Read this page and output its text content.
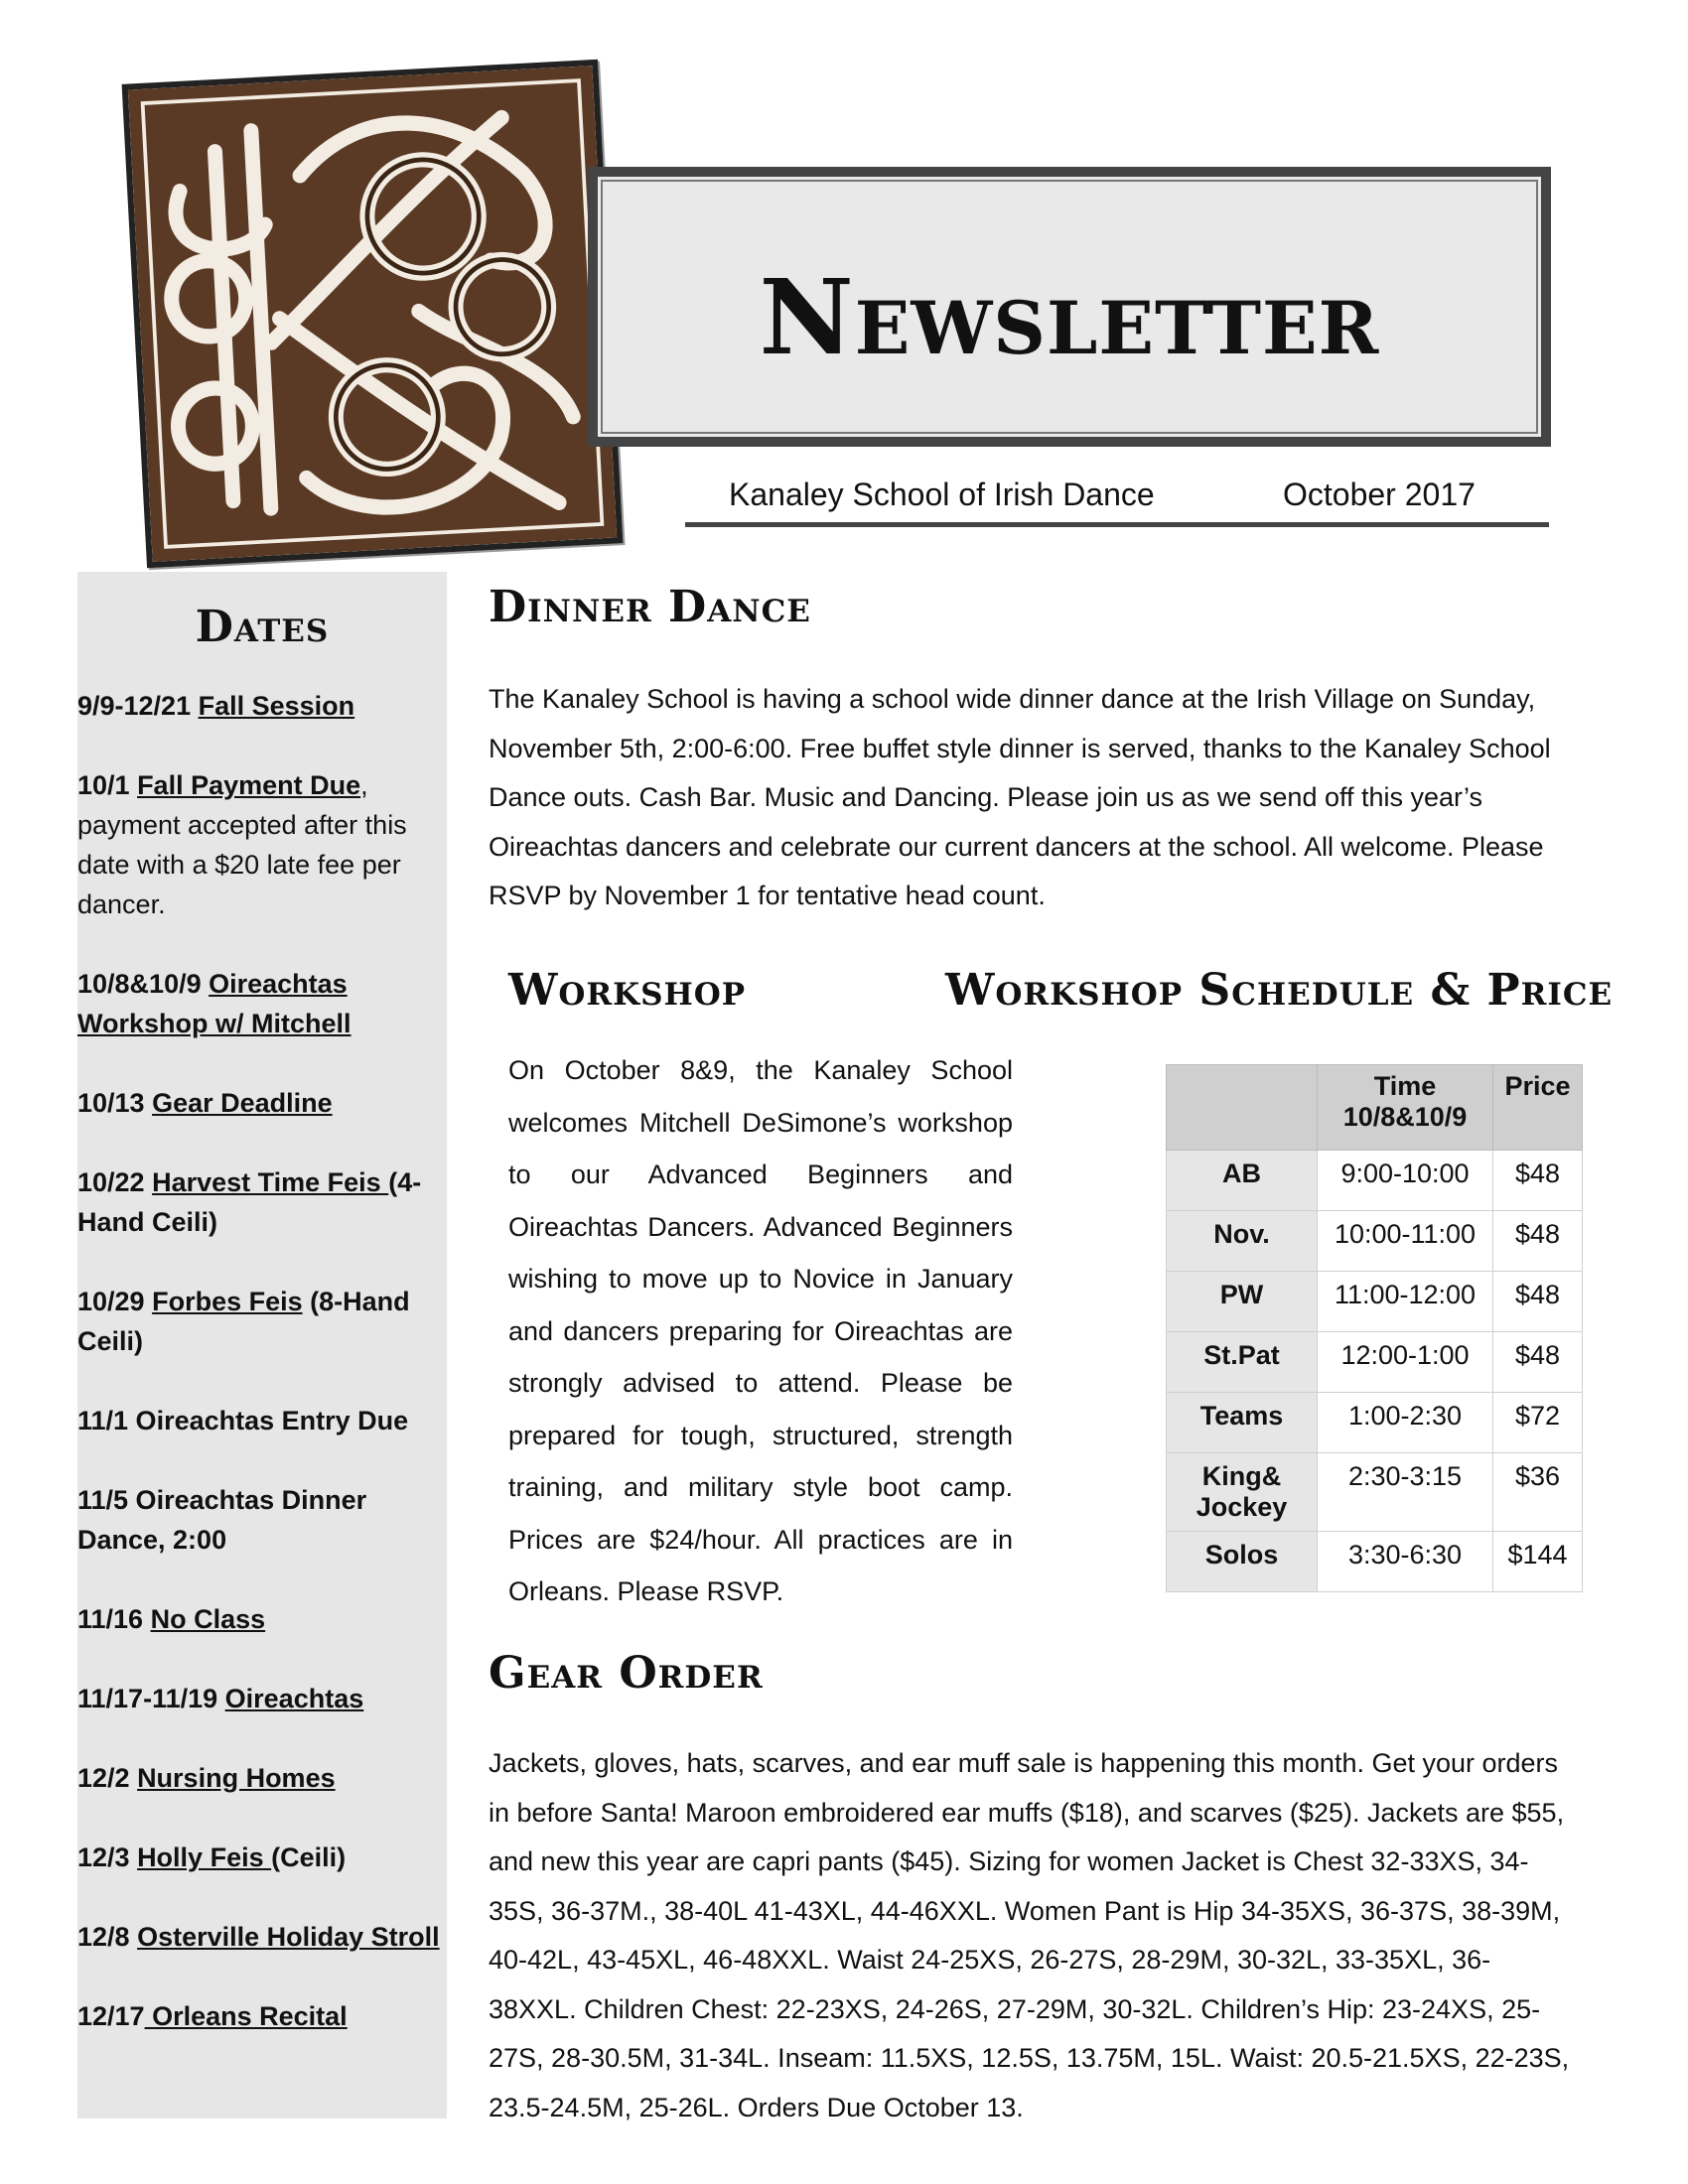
Newsletter
Kanaley School of Irish Dance	October 2017
Dates
9/9-12/21 Fall Session
10/1 Fall Payment Due, payment accepted after this date with a $20 late fee per dancer.
10/8&10/9 Oireachtas Workshop w/ Mitchell
10/13 Gear Deadline
10/22 Harvest Time Feis (4-Hand Ceili)
10/29 Forbes Feis (8-Hand Ceili)
11/1 Oireachtas Entry Due
11/5 Oireachtas Dinner Dance, 2:00
11/16 No Class
11/17-11/19 Oireachtas
12/2 Nursing Homes
12/3 Holly Feis (Ceili)
12/8 Osterville Holiday Stroll
12/17 Orleans Recital
Dinner Dance

The Kanaley School is having a school wide dinner dance at the Irish Village on Sunday, November 5th, 2:00-6:00. Free buffet style dinner is served, thanks to the Kanaley School Dance outs. Cash Bar. Music and Dancing. Please join us as we send off this year’s Oireachtas dancers and celebrate our current dancers at the school. All welcome. Please RSVP by November 1 for tentative head count.

Workshop

On October 8&9, the Kanaley School welcomes Mitchell DeSimone’s workshop to our Advanced Beginners and Oireachtas Dancers. Advanced Beginners wishing to move up to Novice in January and dancers preparing for Oireachtas are strongly advised to attend. Please be prepared for tough, structured, strength training, and military style boot camp. Prices are $24/hour. All practices are in Orleans. Please RSVP.

Workshop Schedule & Price
	Time 10/8&10/9	Price
AB	9:00-10:00	$48
Nov.	10:00-11:00	$48
PW	11:00-12:00	$48
St.Pat	12:00-1:00	$48
Teams	1:00-2:30	$72
King& Jockey	2:30-3:15	$36
Solos	3:30-6:30	$144
Gear Order

Jackets, gloves, hats, scarves, and ear muff sale is happening this month. Get your orders in before Santa! Maroon embroidered ear muffs ($18), and scarves ($25). Jackets are $55, and new this year are capri pants ($45). Sizing for women Jacket is Chest 32-33XS, 34-35S, 36-37M., 38-40L 41-43XL, 44-46XXL. Women Pant is Hip 34-35XS, 36-37S, 38-39M, 40-42L, 43-45XL, 46-48XXL. Waist 24-25XS, 26-27S, 28-29M, 30-32L, 33-35XL, 36-38XXL. Children Chest: 22-23XS, 24-26S, 27-29M, 30-32L. Children’s Hip: 23-24XS, 25-27S, 28-30.5M, 31-34L. Inseam: 11.5XS, 12.5S, 13.75M, 15L. Waist: 20.5-21.5XS, 22-23S, 23.5-24.5M, 25-26L. Orders Due October 13.
